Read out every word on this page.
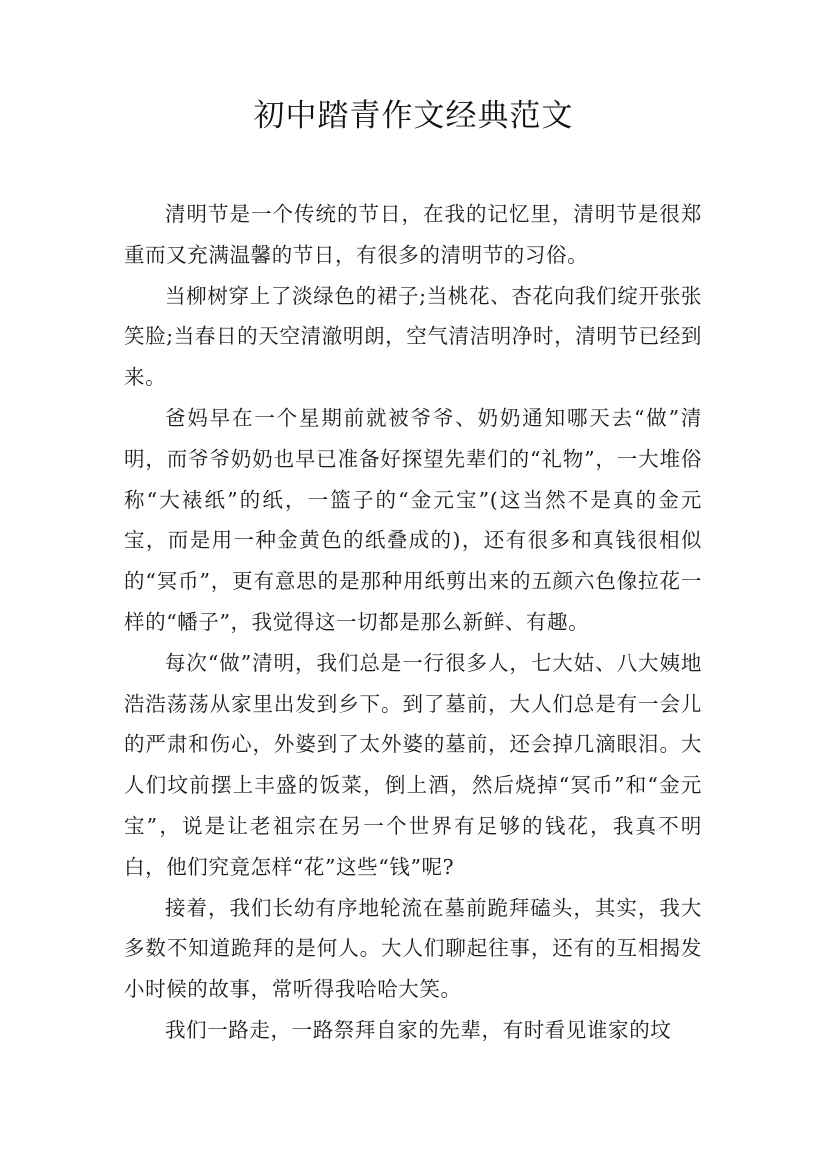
初中踏青作文经典范文

清明节是一个传统的节日，在我的记忆里，清明节是很郑重而又充满温馨的节日，有很多的清明节的习俗。

当柳树穿上了淡绿色的裙子;当桃花、杏花向我们绽开张张笑脸;当春日的天空清澈明朗，空气清洁明净时，清明节已经到来。

爸妈早在一个星期前就被爷爷、奶奶通知哪天去“做”清明，而爷爷奶奶也早已准备好探望先辈们的“礼物”，一大堆俗称“大裱纸”的纸，一篮子的“金元宝”(这当然不是真的金元宝，而是用一种金黄色的纸叠成的)，还有很多和真钱很相似的“冥币”，更有意思的是那种用纸剪出来的五颜六色像拉花一样的“幡子”，我觉得这一切都是那么新鲜、有趣。

每次“做”清明，我们总是一行很多人，七大姑、八大姨地浩浩荡荡从家里出发到乡下。到了墓前，大人们总是有一会儿的严肃和伤心，外婆到了太外婆的墓前，还会掉几滴眼泪。大人们坟前摆上丰盛的饭菜，倒上酒，然后烧掉“冥币”和“金元宝”，说是让老祖宗在另一个世界有足够的钱花，我真不明白，他们究竟怎样“花”这些“钱”呢?

接着，我们长幼有序地轮流在墓前跪拜磕头，其实，我大多数不知道跪拜的是何人。大人们聊起往事，还有的互相揭发小时候的故事，常听得我哈哈大笑。

我们一路走，一路祭拜自家的先辈，有时看见谁家的坟
